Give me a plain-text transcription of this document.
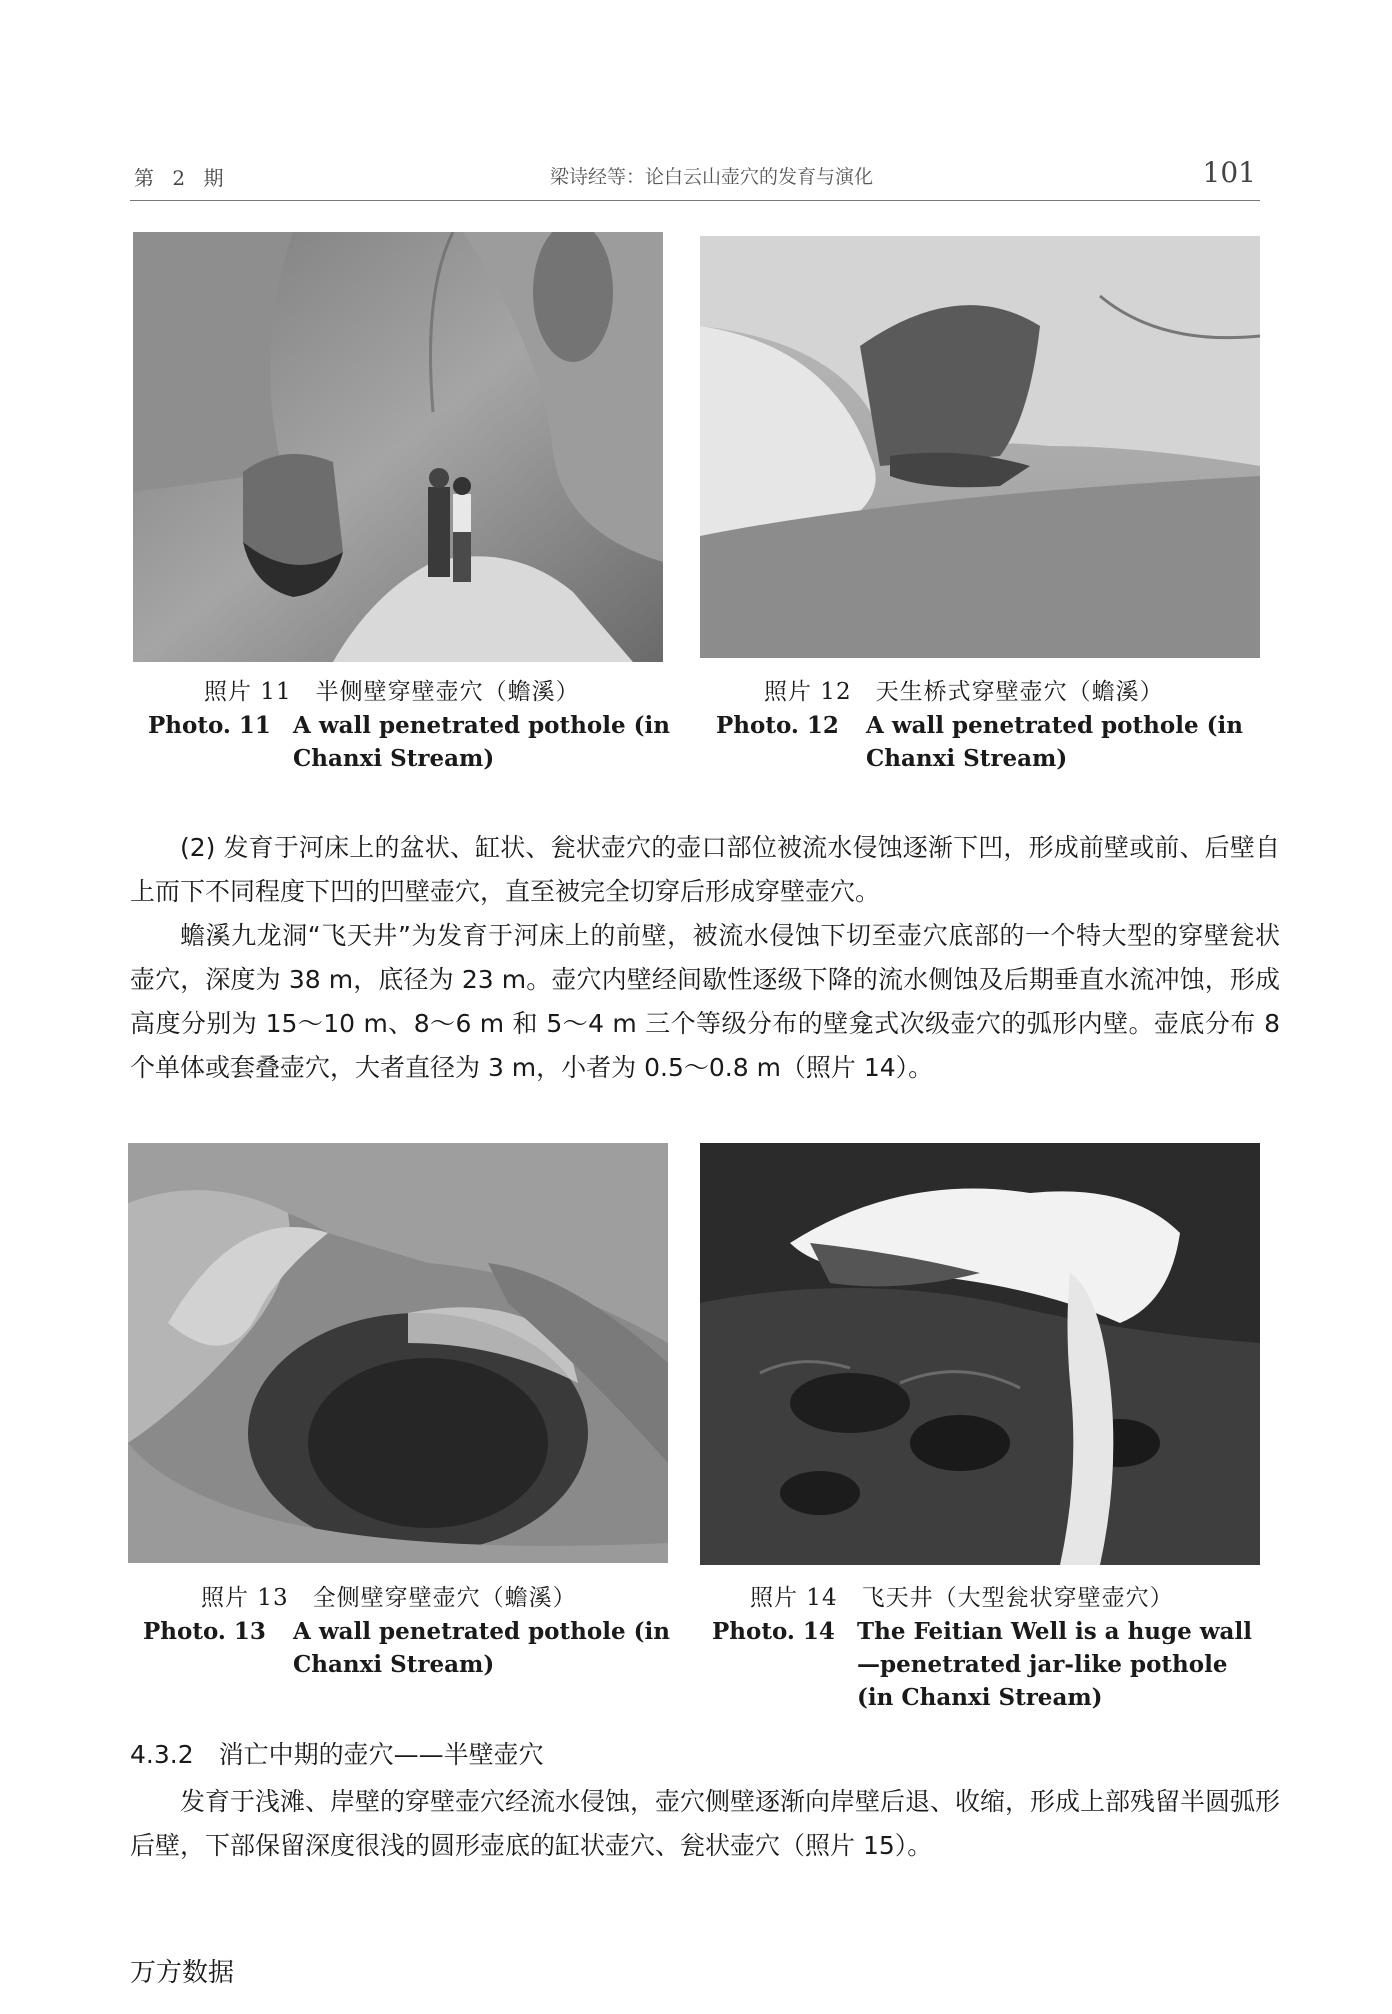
第 2 期	梁诗经等：论白云山壶穴的发育与演化	101
照片 11　半侧壁穿壁壶穴（蟾溪）
Photo. 11 A wall penetrated pothole (in Chanxi Stream)
照片 12　天生桥式穿壁壶穴（蟾溪）
Photo. 12 A wall penetrated pothole (in Chanxi Stream)
(2) 发育于河床上的盆状、缸状、瓮状壶穴的壶口部位被流水侵蚀逐渐下凹，形成前壁或前、后壁自上而下不同程度下凹的凹壁壶穴，直至被完全切穿后形成穿壁壶穴。
蟾溪九龙洞“飞天井”为发育于河床上的前壁，被流水侵蚀下切至壶穴底部的一个特大型的穿壁瓮状壶穴，深度为 38 m，底径为 23 m。壶穴内壁经间歇性逐级下降的流水侧蚀及后期垂直水流冲蚀，形成高度分别为 15～10 m、8～6 m 和 5～4 m 三个等级分布的壁龛式次级壶穴的弧形内壁。壶底分布 8 个单体或套叠壶穴，大者直径为 3 m，小者为 0.5～0.8 m（照片 14）。
照片 13　全侧壁穿壁壶穴（蟾溪）
Photo. 13 A wall penetrated pothole (in Chanxi Stream)
照片 14　飞天井（大型瓮状穿壁壶穴）
Photo. 14 The Feitian Well is a huge wall—penetrated jar-like pothole (in Chanxi Stream)
4.3.2　消亡中期的壶穴——半壁壶穴
发育于浅滩、岸壁的穿壁壶穴经流水侵蚀，壶穴侧壁逐渐向岸壁后退、收缩，形成上部残留半圆弧形后壁，下部保留深度很浅的圆形壶底的缸状壶穴、瓮状壶穴（照片 15）。
万方数据
